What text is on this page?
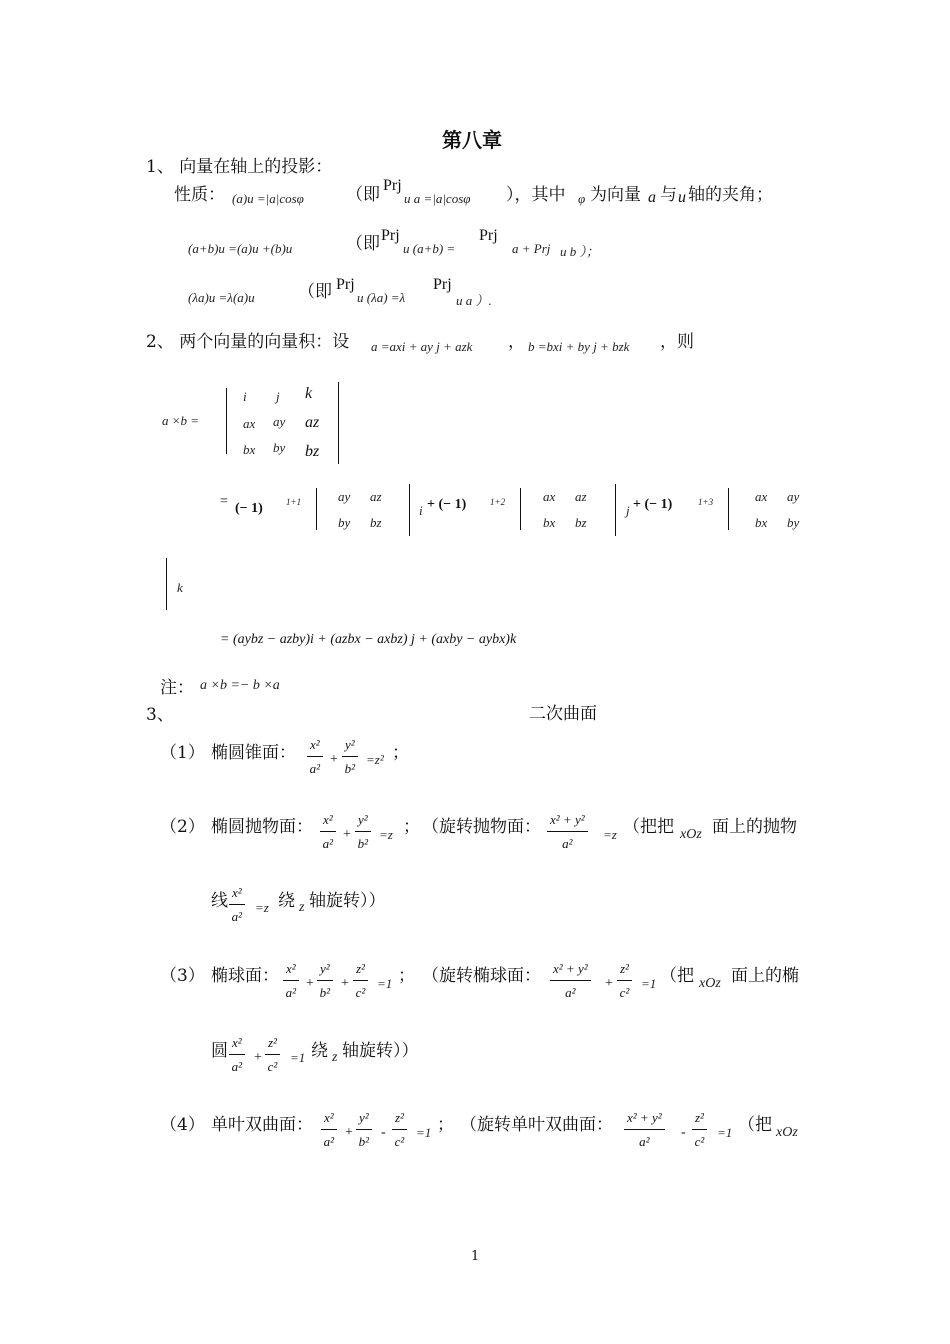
第八章
1、 向量在轴上的投影：
性质： (a)u =|a|cosφ （即 Prj
u a =|a|cosφ ），其中 φ 为向量 a 与 u 轴的夹角；
(a+b)u =(a)u +(b)u	（即 Prj
u (a+b) =
Prj
a + Prj u b ）；
(λa)u =λ(a)u	（即 Prj
u (λa) =λ
Prj
u a ）.
2、 两个向量的向量积：设 a =axi + ay j + azk ， b =bxi + by j + bzk ，则
a ×b =
i j k
ax ay az
bx by bz
= (− 1)	1+1	ay az
by bz
i + (− 1)	1+2	ax az
bx bz
j + (− 1)	1+3	ax ay
bx by
k
= (aybz − azby)i + (azbx − axbz) j + (axby − aybx)k
注： a ×b =− b ×a
3、	二次曲面
（1） 椭圆锥面： $\frac{\text{x²}}{\text{a²}} + \frac{\text{y²}}{\text{b²}} =z^2$ ；
（2） 椭圆抛物面： $\frac{\text{x²}}{\text{a²}} + \frac{\text{y²}}{\text{b²}} =z$ ； （旋转抛物面： $\frac{\text{x² + y²}}{\text{a²}} =z$ （把把 xOz 面上的抛物
线 $\frac{\text{x²}}{\text{a²}} =z$ 绕 z 轴旋转））
（3） 椭球面： $\frac{\text{x²}}{\text{a²}} + \frac{\text{y²}}{\text{b²}} + \frac{\text{z²}}{\text{c²}} =1$ ； （旋转椭球面： $\frac{\text{x² + y²}}{\text{a²}} + \frac{\text{z²}}{\text{c²}} =1$ （把 xOz 面上的椭
圆 $\frac{\text{x²}}{\text{a²}} + \frac{\text{z²}}{\text{c²}} =1$ 绕 z 轴旋转））
（4） 单叶双曲面： $\frac{\text{x²}}{\text{a²}} + \frac{\text{y²}}{\text{b²}} - \frac{\text{z²}}{\text{c²}} =1$ ； （旋转单叶双曲面： $\frac{\text{x² + y²}}{\text{a²}} - \frac{\text{z²}}{\text{c²}} =1$ （把 xOz
1
